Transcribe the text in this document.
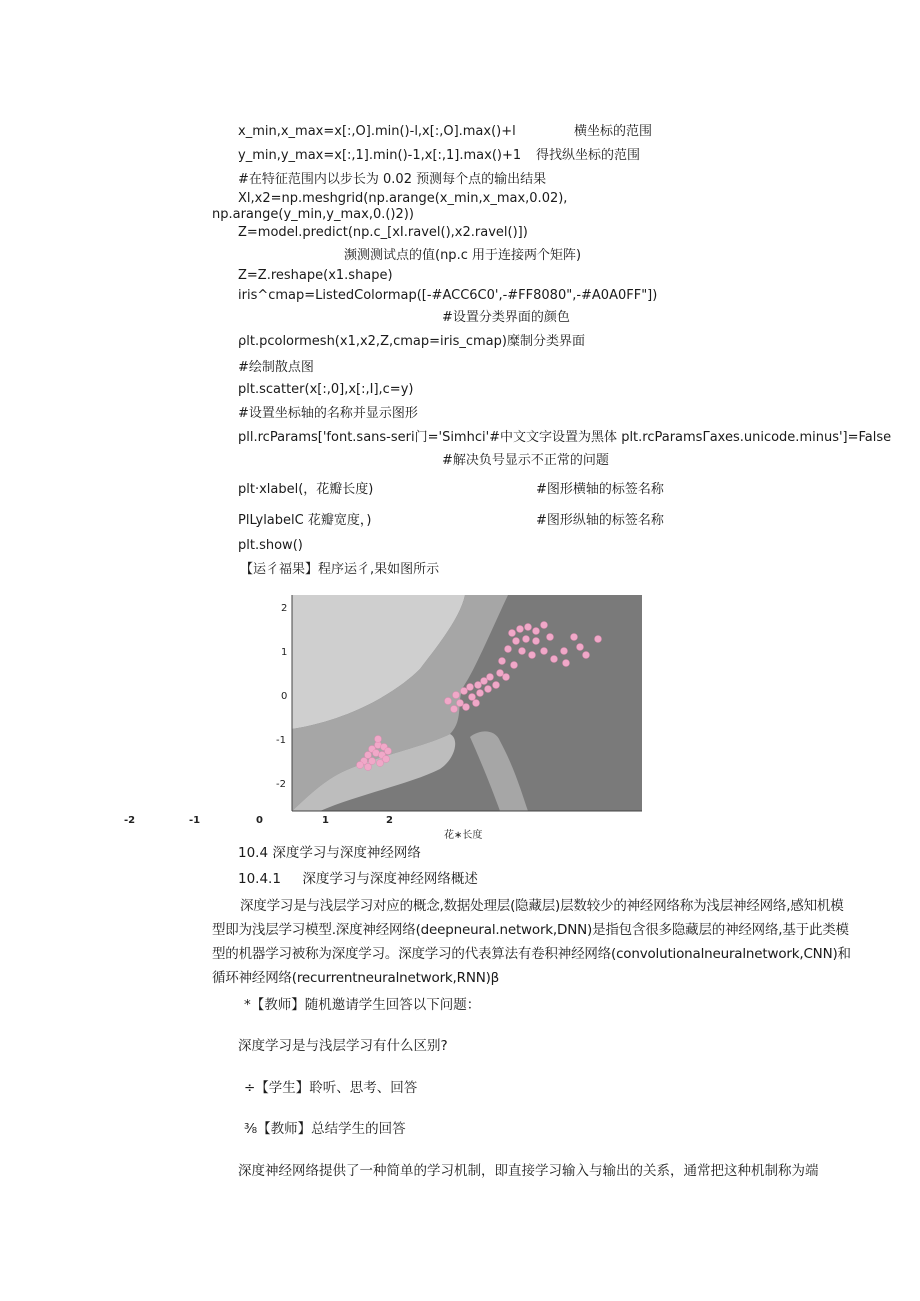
x_min,x_max=x[:,O].min()-l,x[:,O].max()+l	横坐标的范围
y_min,y_max=x[:,1].min()-1,x[:,1].max()+1 得找纵坐标的范围
#在特征范围内以步长为 0.02 预测每个点的输出结果
Xl,x2=np.meshgrid(np.arange(x_min,x_max,0.02),
np.arange(y_min,y_max,0.()2))
Z=model.predict(np.c_[xI.ravel(),x2.ravel()])
濒测测试点的值(np.c 用于连接两个矩阵)
Z=Z.reshape(x1.shape)
iris^cmap=ListedColormap([-#ACC6C0',-#FF8080",-#A0A0FF"])
#设置分类界面的颜色
ρlt.pcolormesh(x1,x2,Z,cmap=iris_cmap)糜制分类界面
#绘制散点图
plt.scatter(x[:,0],x[:,I],c=y)
#设置坐标轴的名称并显示图形
pll.rcParams['font.sans-seri门='Simhci'#中文文字设置为黑体 plt.rcParamsΓaxes.unicode.minus']=False
#解决负号显示不正常的问题
plt·xlabel(，花瓣长度)	#图形横轴的标签名称
PlLylabelC 花瓣宽度，)	#图形纵轴的标签名称
plt.show()
【运彳福果】程序运彳,果如图所示
2
1
0
-1
-2
-2	-1	0	1	2
花∗长度
10.4 深度学习与深度神经网络
10.4.1     深度学习与深度神经网络概述
深度学习是与浅层学习对应的概念,数据处理层(隐藏层)层数较少的神经网络称为浅层神经网络,感知机模型即为浅层学习模型.深度神经网络(deepneural.network,DNN)是指包含很多隐藏层的神经网络,基于此类模型的机器学习被称为深度学习。深度学习的代表算法有卷积神经网络(convolutionalneuralnetwork,CNN)和循环神经网络(recurrentneuralnetwork,RNN)β
*【教师】随机邀请学生回答以下问题：
深度学习是与浅层学习有什么区别?
÷【学生】聆听、思考、回答
⅜【教师】总结学生的回答
深度神经网络提供了一种简单的学习机制，即直接学习输入与输出的关系，通常把这种机制称为端
